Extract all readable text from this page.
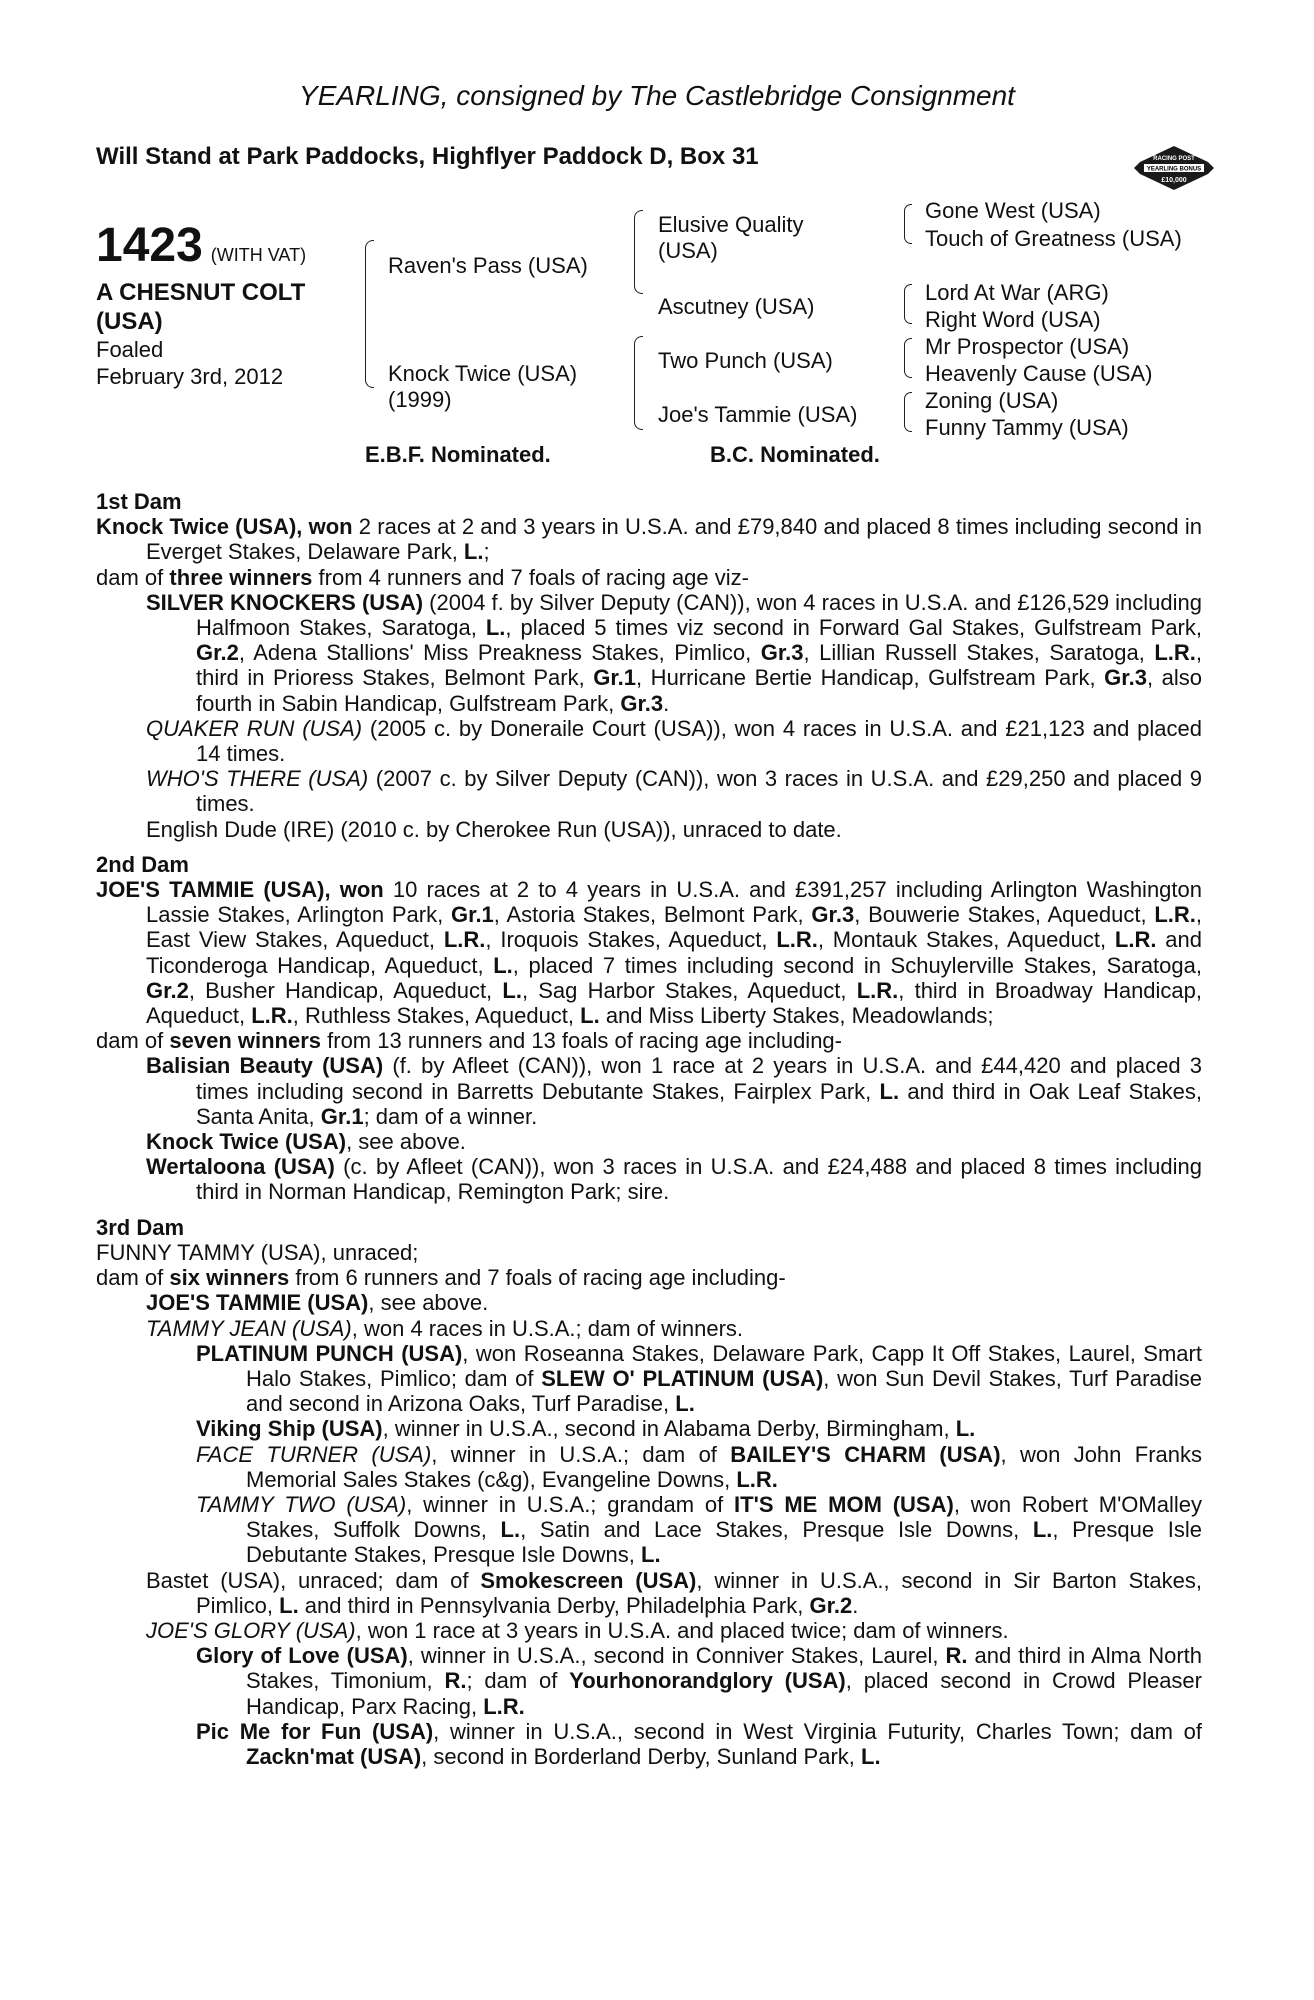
YEARLING, consigned by The Castlebridge Consignment
Will Stand at Park Paddocks, Highflyer Paddock D, Box 31	RACING POST
YEARLING BONUS
£10,000
1423 (WITH VAT)
A CHESNUT COLT (USA)
Foaled
February 3rd, 2012
Raven's Pass (USA)
Knock Twice (USA) (1999)
Elusive Quality (USA)
Ascutney (USA)
Two Punch (USA)
Joe's Tammie (USA)
Gone West (USA)
Touch of Greatness (USA)
Lord At War (ARG)
Right Word (USA)
Mr Prospector (USA)
Heavenly Cause (USA)
Zoning (USA)
Funny Tammy (USA)
E.B.F. Nominated.	B.C. Nominated.

1st Dam

Knock Twice (USA), won 2 races at 2 and 3 years in U.S.A. and £79,840 and placed 8 times including second in Everget Stakes, Delaware Park, L.;

dam of three winners from 4 runners and 7 foals of racing age viz-

SILVER KNOCKERS (USA) (2004 f. by Silver Deputy (CAN)), won 4 races in U.S.A. and £126,529 including Halfmoon Stakes, Saratoga, L., placed 5 times viz second in Forward Gal Stakes, Gulfstream Park, Gr.2, Adena Stallions' Miss Preakness Stakes, Pimlico, Gr.3, Lillian Russell Stakes, Saratoga, L.R., third in Prioress Stakes, Belmont Park, Gr.1, Hurricane Bertie Handicap, Gulfstream Park, Gr.3, also fourth in Sabin Handicap, Gulfstream Park, Gr.3.

QUAKER RUN (USA) (2005 c. by Doneraile Court (USA)), won 4 races in U.S.A. and £21,123 and placed 14 times.

WHO'S THERE (USA) (2007 c. by Silver Deputy (CAN)), won 3 races in U.S.A. and £29,250 and placed 9 times.

English Dude (IRE) (2010 c. by Cherokee Run (USA)), unraced to date.

2nd Dam

JOE'S TAMMIE (USA), won 10 races at 2 to 4 years in U.S.A. and £391,257 including Arlington Washington Lassie Stakes, Arlington Park, Gr.1, Astoria Stakes, Belmont Park, Gr.3, Bouwerie Stakes, Aqueduct, L.R., East View Stakes, Aqueduct, L.R., Iroquois Stakes, Aqueduct, L.R., Montauk Stakes, Aqueduct, L.R. and Ticonderoga Handicap, Aqueduct, L., placed 7 times including second in Schuylerville Stakes, Saratoga, Gr.2, Busher Handicap, Aqueduct, L., Sag Harbor Stakes, Aqueduct, L.R., third in Broadway Handicap, Aqueduct, L.R., Ruthless Stakes, Aqueduct, L. and Miss Liberty Stakes, Meadowlands;

dam of seven winners from 13 runners and 13 foals of racing age including-

Balisian Beauty (USA) (f. by Afleet (CAN)), won 1 race at 2 years in U.S.A. and £44,420 and placed 3 times including second in Barretts Debutante Stakes, Fairplex Park, L. and third in Oak Leaf Stakes, Santa Anita, Gr.1; dam of a winner.

Knock Twice (USA), see above.

Wertaloona (USA) (c. by Afleet (CAN)), won 3 races in U.S.A. and £24,488 and placed 8 times including third in Norman Handicap, Remington Park; sire.

3rd Dam

FUNNY TAMMY (USA), unraced;

dam of six winners from 6 runners and 7 foals of racing age including-

JOE'S TAMMIE (USA), see above.

TAMMY JEAN (USA), won 4 races in U.S.A.; dam of winners.

PLATINUM PUNCH (USA), won Roseanna Stakes, Delaware Park, Capp It Off Stakes, Laurel, Smart Halo Stakes, Pimlico; dam of SLEW O' PLATINUM (USA), won Sun Devil Stakes, Turf Paradise and second in Arizona Oaks, Turf Paradise, L.

Viking Ship (USA), winner in U.S.A., second in Alabama Derby, Birmingham, L.

FACE TURNER (USA), winner in U.S.A.; dam of BAILEY'S CHARM (USA), won John Franks Memorial Sales Stakes (c&g), Evangeline Downs, L.R.

TAMMY TWO (USA), winner in U.S.A.; grandam of IT'S ME MOM (USA), won Robert M'OMalley Stakes, Suffolk Downs, L., Satin and Lace Stakes, Presque Isle Downs, L., Presque Isle Debutante Stakes, Presque Isle Downs, L.

Bastet (USA), unraced; dam of Smokescreen (USA), winner in U.S.A., second in Sir Barton Stakes, Pimlico, L. and third in Pennsylvania Derby, Philadelphia Park, Gr.2.

JOE'S GLORY (USA), won 1 race at 3 years in U.S.A. and placed twice; dam of winners.

Glory of Love (USA), winner in U.S.A., second in Conniver Stakes, Laurel, R. and third in Alma North Stakes, Timonium, R.; dam of Yourhonorandglory (USA), placed second in Crowd Pleaser Handicap, Parx Racing, L.R.

Pic Me for Fun (USA), winner in U.S.A., second in West Virginia Futurity, Charles Town; dam of Zackn'mat (USA), second in Borderland Derby, Sunland Park, L.
